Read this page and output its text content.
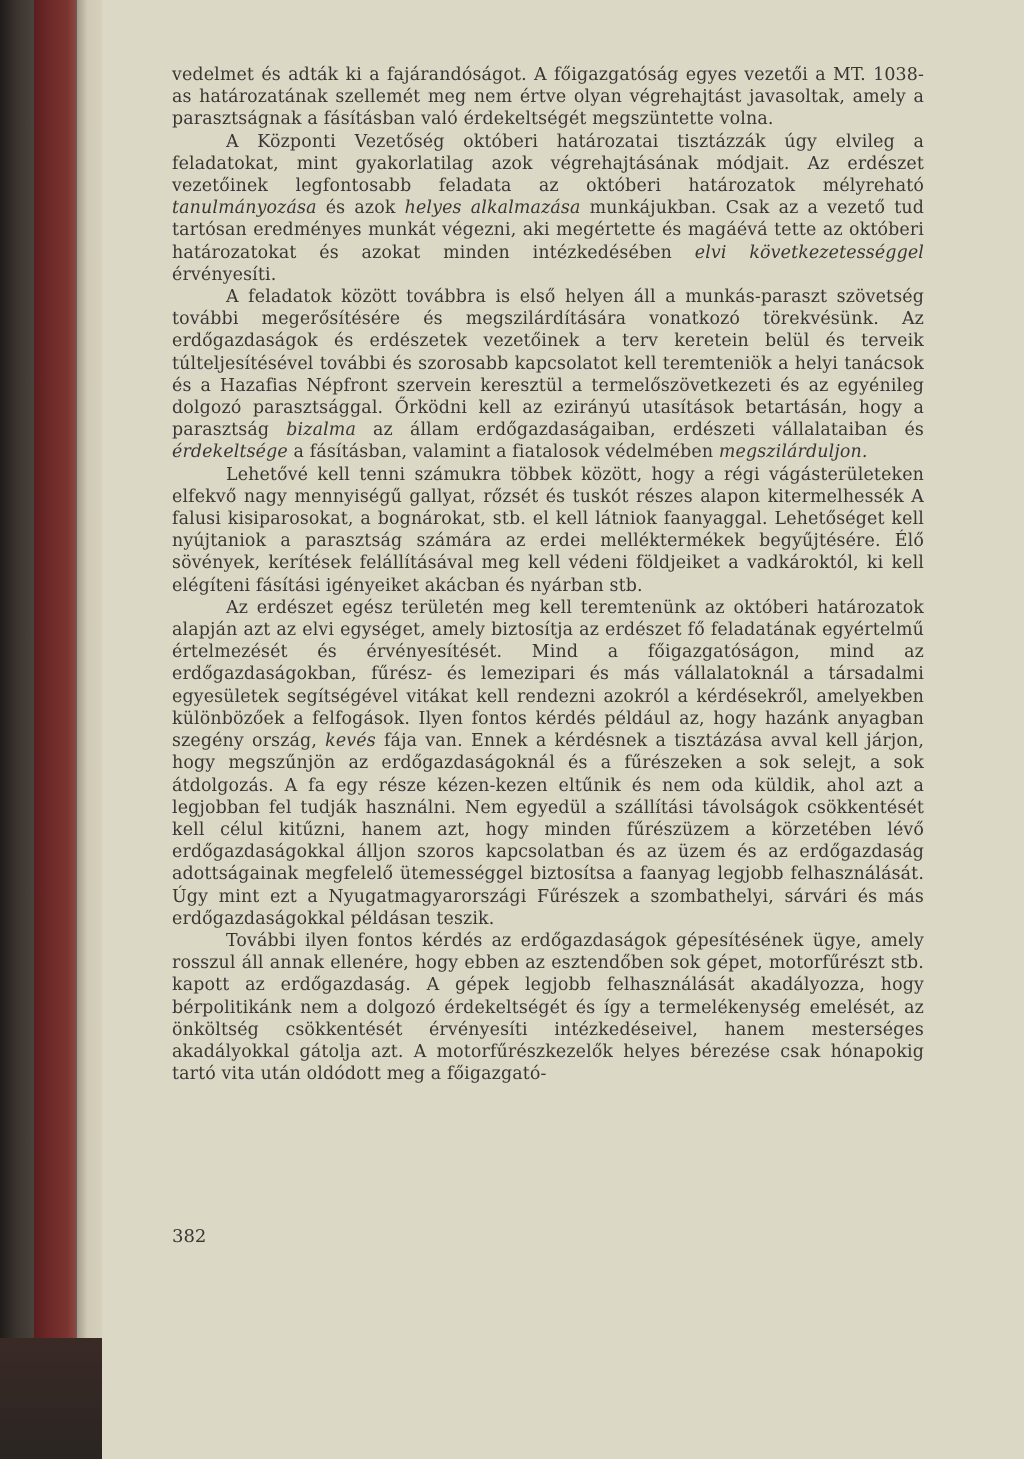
vedelmet és adták ki a fajárandóságot. A főigazgatóság egyes vezetői a MT. 1038-as határozatának szellemét meg nem értve olyan végrehajtást javasoltak, amely a parasztságnak a fásításban való érdekeltségét megszüntette volna.

A Központi Vezetőség októberi határozatai tisztázzák úgy elvileg a feladatokat, mint gyakorlatilag azok végrehajtásának módjait. Az erdészet vezetőinek legfontosabb feladata az októberi határozatok mélyreható tanulmányozása és azok helyes alkalmazása munkájukban. Csak az a vezető tud tartósan eredményes munkát végezni, aki megértette és magáévá tette az októberi határozatokat és azokat minden intézkedésében elvi következetességgel érvényesíti.

A feladatok között továbbra is első helyen áll a munkás-paraszt szövetség további megerősítésére és megszilárdítására vonatkozó törekvésünk. Az erdőgazdaságok és erdészetek vezetőinek a terv keretein belül és terveik túlteljesítésével további és szorosabb kapcsolatot kell teremteniök a helyi tanácsok és a Hazafias Népfront szervein keresztül a termelőszövetkezeti és az egyénileg dolgozó parasztsággal. Őrködni kell az ezirányú utasítások betartásán, hogy a parasztság bizalma az állam erdőgazdaságaiban, erdészeti vállalataiban és érdekeltsége a fásításban, valamint a fiatalosok védelmében megszilárduljon.

Lehetővé kell tenni számukra többek között, hogy a régi vágásterületeken elfekvő nagy mennyiségű gallyat, rőzsét és tuskót részes alapon kitermelhessék A falusi kisiparosokat, a bognárokat, stb. el kell látniok faanyaggal. Lehetőséget kell nyújtaniok a parasztság számára az erdei melléktermékek begyűjtésére. Élő sövények, kerítések felállításával meg kell védeni földjeiket a vadkároktól, ki kell elégíteni fásítási igényeiket akácban és nyárban stb.

Az erdészet egész területén meg kell teremtenünk az októberi határozatok alapján azt az elvi egységet, amely biztosítja az erdészet fő feladatának egyértelmű értelmezését és érvényesítését. Mind a főigazgatóságon, mind az erdőgazdaságokban, fűrész- és lemezipari és más vállalatoknál a társadalmi egyesületek segítségével vitákat kell rendezni azokról a kérdésekről, amelyekben különbözőek a felfogások. Ilyen fontos kérdés például az, hogy hazánk anyagban szegény ország, kevés fája van. Ennek a kérdésnek a tisztázása avval kell járjon, hogy megszűnjön az erdőgazdaságoknál és a fűrészeken a sok selejt, a sok átdolgozás. A fa egy része kézen-kezen eltűnik és nem oda küldik, ahol azt a legjobban fel tudják használni. Nem egyedül a szállítási távolságok csökkentését kell célul kitűzni, hanem azt, hogy minden fűrészüzem a körzetében lévő erdőgazdaságokkal álljon szoros kapcsolatban és az üzem és az erdőgazdaság adottságainak megfelelő ütemességgel biztosítsa a faanyag legjobb felhasználását. Úgy mint ezt a Nyugatmagyarországi Fűrészek a szombathelyi, sárvári és más erdőgazdaságokkal példásan teszik.

További ilyen fontos kérdés az erdőgazdaságok gépesítésének ügye, amely rosszul áll annak ellenére, hogy ebben az esztendőben sok gépet, motorfűrészt stb. kapott az erdőgazdaság. A gépek legjobb felhasználását akadályozza, hogy bérpolitikánk nem a dolgozó érdekeltségét és így a termelékenység emelését, az önköltség csökkentését érvényesíti intézkedéseivel, hanem mesterséges akadályokkal gátolja azt. A motorfűrészkezelők helyes bérezése csak hónapokig tartó vita után oldódott meg a főigazgató-

382
